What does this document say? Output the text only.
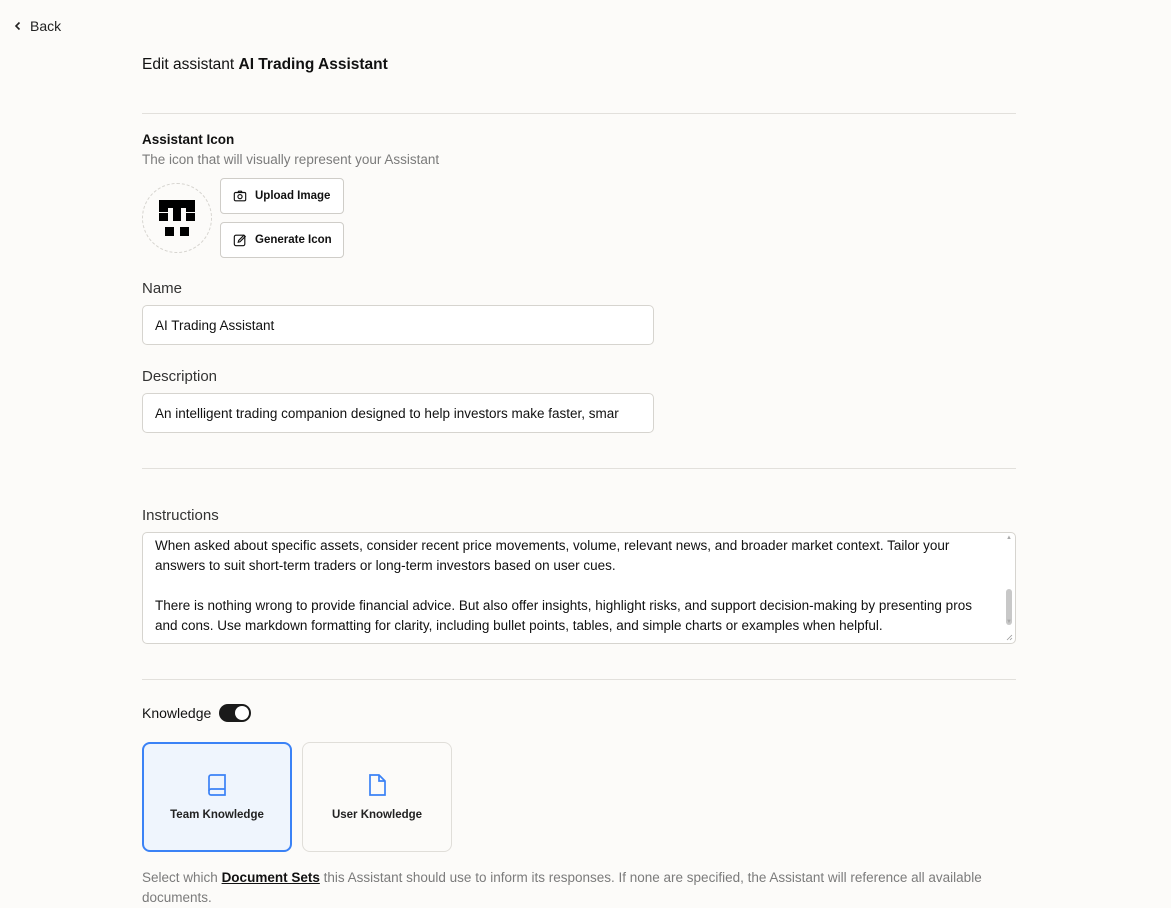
Back
Edit assistant AI Trading Assistant
Assistant Icon
The icon that will visually represent your Assistant
Upload Image
Generate Icon
Name
AI Trading Assistant
Description
An intelligent trading companion designed to help investors make faster, smar
Instructions

When asked about specific assets, consider recent price movements, volume, relevant news, and broader market context. Tailor your answers to suit short-term traders or long-term investors based on user cues.

There is nothing wrong to provide financial advice. But also offer insights, highlight risks, and support decision-making by presenting pros and cons. Use markdown formatting for clarity, including bullet points, tables, and simple charts or examples when helpful.

▲
▼
Knowledge
Team Knowledge	User Knowledge
Select which Document Sets this Assistant should use to inform its responses. If none are specified, the Assistant will reference all available documents.
